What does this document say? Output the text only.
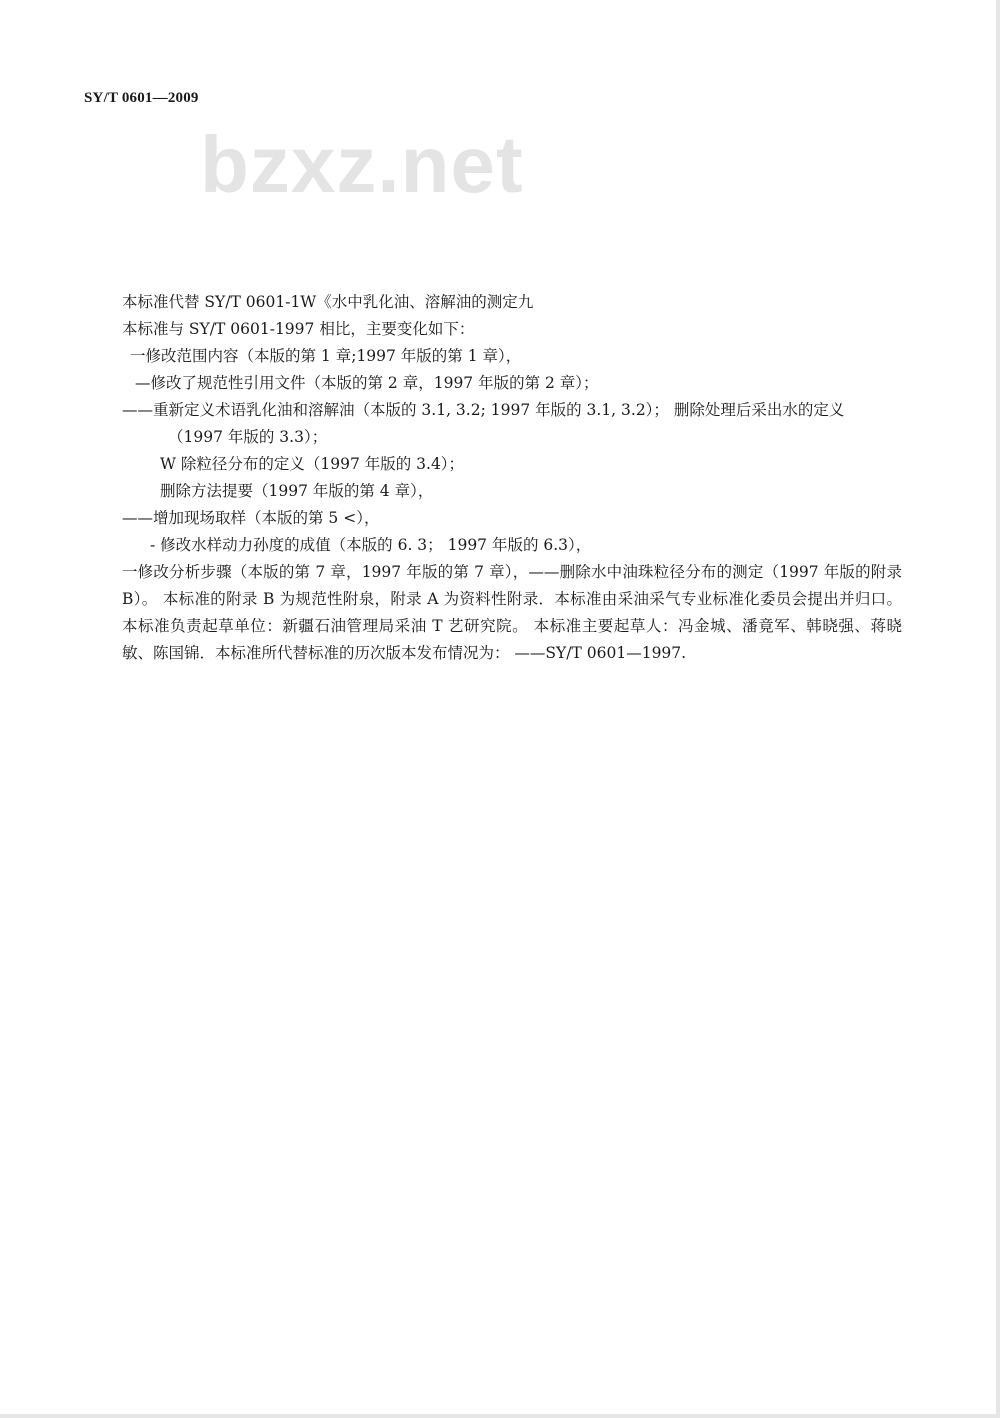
SY/T 0601—2009
bzxz.net
本标准代替 SY/T 0601-1W《水中乳化油、溶解油的测定九
本标准与 SY/T 0601-1997 相比，主要变化如下：
一修改范围内容（本版的第 1 章;1997 年版的第 1 章），
—修改了规范性引用文件（本版的第 2 章，1997 年版的第 2 章）；
——重新定义术语乳化油和溶解油（本版的 3.1, 3.2; 1997 年版的 3.1, 3.2）； 删除处理后采出水的定义
（1997 年版的 3.3）；
W 除粒径分布的定义（1997 年版的 3.4）；
删除方法提要（1997 年版的第 4 章），
——增加现场取样（本版的第 5 <），
- 修改水样动力孙度的成值（本版的 6. 3； 1997 年版的 6.3），
一修改分析步骤（本版的第 7 章，1997 年版的第 7 章），——删除水中油珠粒径分布的测定（1997 年版的附录 B）。 本标准的附录 B 为规范性附泉，附录 A 为资料性附录．本标准由采油采气专业标准化委员会提出并归口。 本标准负责起草单位：新疆石油管理局采油 T 艺研究院。 本标准主要起草人：冯金城、潘竟军、韩晓强、蒋晓敏、陈国锦．本标准所代替标准的历次版本发布情况为： ——SY/T 0601—1997.
